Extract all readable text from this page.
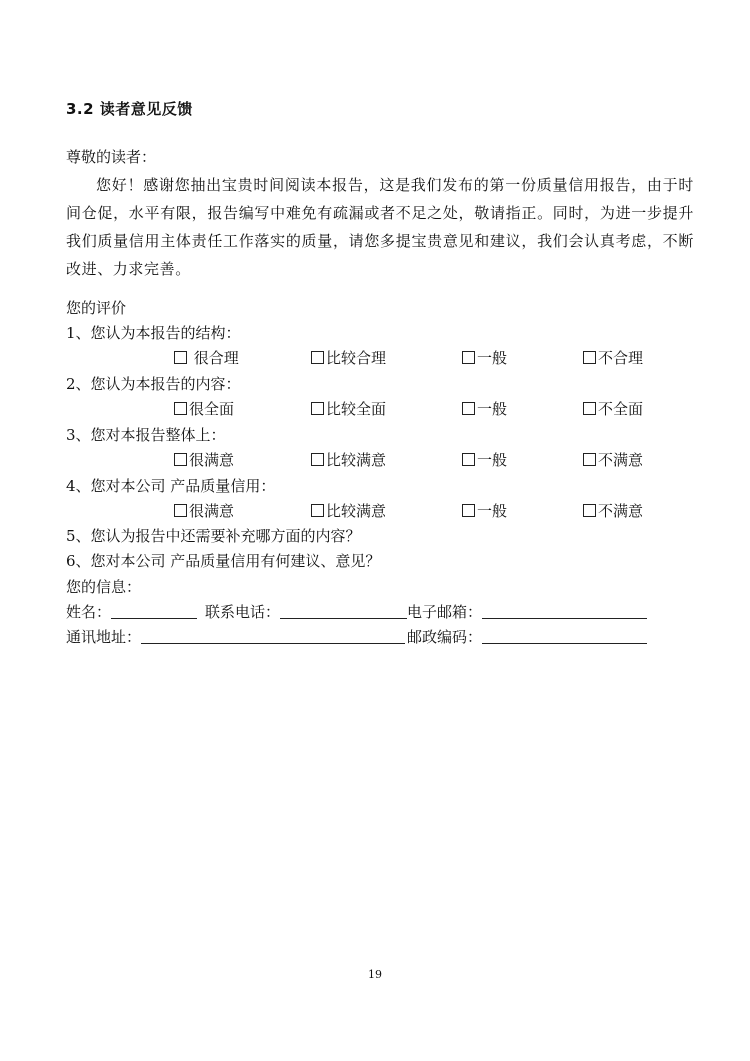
3.2 读者意见反馈
尊敬的读者：
您好！感谢您抽出宝贵时间阅读本报告，这是我们发布的第一份质量信用报告，由于时间仓促，水平有限，报告编写中难免有疏漏或者不足之处，敬请指正。同时，为进一步提升我们质量信用主体责任工作落实的质量，请您多提宝贵意见和建议，我们会认真考虑，不断改进、力求完善。
您的评价
1、您认为本报告的结构：
很合理	比较合理	一般	不合理
2、您认为本报告的内容：
很全面	比较全面	一般	不全面
3、您对本报告整体上：
很满意	比较满意	一般	不满意
4、您对本公司 产品质量信用：
很满意	比较满意	一般	不满意
5、您认为报告中还需要补充哪方面的内容？
6、您对本公司 产品质量信用有何建议、意见？
您的信息：
姓名：	联系电话：	电子邮箱：
通讯地址：	邮政编码：
19
